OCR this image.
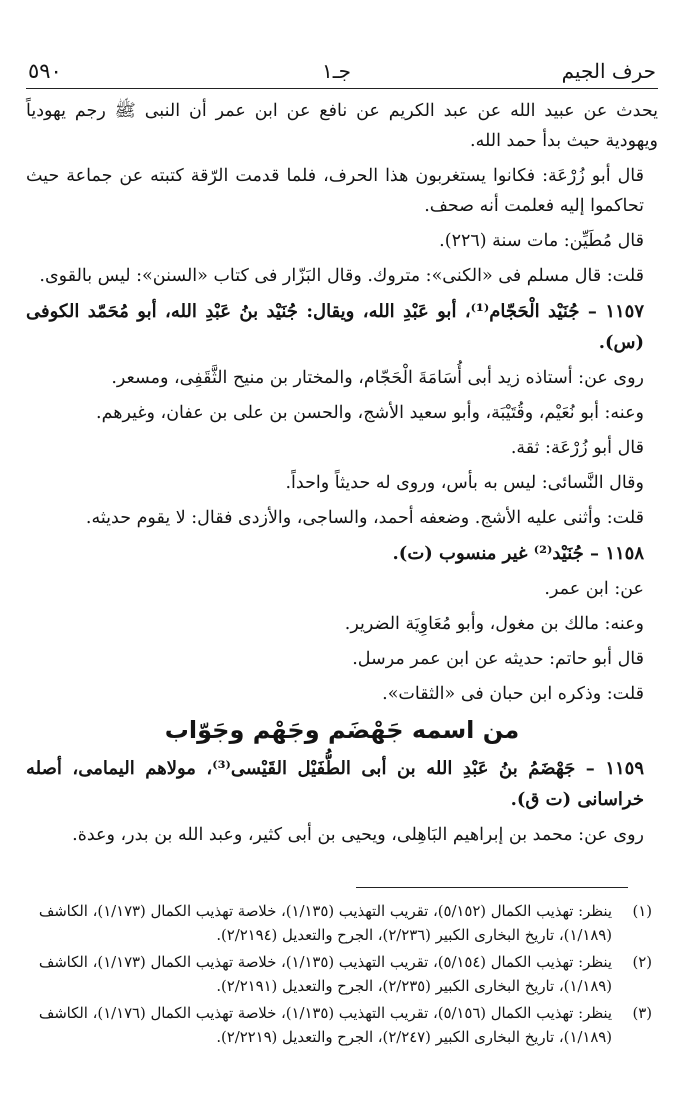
٥٩٠	جـ١	حرف الجيم

يحدث عن عبيد الله عن عبد الكريم عن نافع عن ابن عمر أن النبى ﷺ رجم يهودياً ويهودية حيث بدأ حمد الله.

قال أبو زُرْعَة: فكانوا يستغربون هذا الحرف، فلما قدمت الرّقة كتبته عن جماعة حيث تحاكموا إليه فعلمت أنه صحف.

قال مُطَيِّن: مات سنة (٢٢٦).

قلت: قال مسلم فى «الكنى»: متروك. وقال البَزّار فى كتاب «السنن»: ليس بالقوى.

١١٥٧ – جُنَيْد الْحَجّام⁽¹⁾، أبو عَبْدِ الله، ويقال: جُنَيْد بنُ عَبْدِ الله، أبو مُحَمّد الكوفى (س).

روى عن: أستاذه زيد أبى أُسَامَةَ الْحَجّام، والمختار بن منيح الثَّقَفِى، ومسعر.

وعنه: أبو نُعَيْم، وقُتَيْبَة، وأبو سعيد الأشج، والحسن بن على بن عفان، وغيرهم.

قال أبو زُرْعَة: ثقة.

وقال النَّسائى: ليس به بأس، وروى له حديثاً واحداً.

قلت: وأثنى عليه الأشج. وضعفه أحمد، والساجى، والأزدى فقال: لا يقوم حديثه.

١١٥٨ – جُنَيْد⁽²⁾ غير منسوب (ت).

عن: ابن عمر.

وعنه: مالك بن مغول، وأبو مُعَاوِيَة الضرير.

قال أبو حاتم: حديثه عن ابن عمر مرسل.

قلت: وذكره ابن حبان فى «الثقات».

من اسمه جَهْضَم وجَهْم وجَوّاب

١١٥٩ – جَهْضَمُ بنُ عَبْدِ الله بن أبى الطُّفَيْل القَيْسى⁽³⁾، مولاهم اليمامى، أصله خراسانى (ت ق).

روى عن: محمد بن إبراهيم البَاهِلى، ويحيى بن أبى كثير، وعبد الله بن بدر، وعدة.

(١)
ينظر: تهذيب الكمال (٥/١٥٢)، تقريب التهذيب (١/١٣٥)، خلاصة تهذيب الكمال (١/١٧٣)، الكاشف (١/١٨٩)، تاريخ البخارى الكبير (٢/٢٣٦)، الجرح والتعديل (٢/٢١٩٤).
(٢)
ينظر: تهذيب الكمال (٥/١٥٤)، تقريب التهذيب (١/١٣٥)، خلاصة تهذيب الكمال (١/١٧٣)، الكاشف (١/١٨٩)، تاريخ البخارى الكبير (٢/٢٣٥)، الجرح والتعديل (٢/٢١٩١).
(٣)
ينظر: تهذيب الكمال (٥/١٥٦)، تقريب التهذيب (١/١٣٥)، خلاصة تهذيب الكمال (١/١٧٦)، الكاشف (١/١٨٩)، تاريخ البخارى الكبير (٢/٢٤٧)، الجرح والتعديل (٢/٢٢١٩).
